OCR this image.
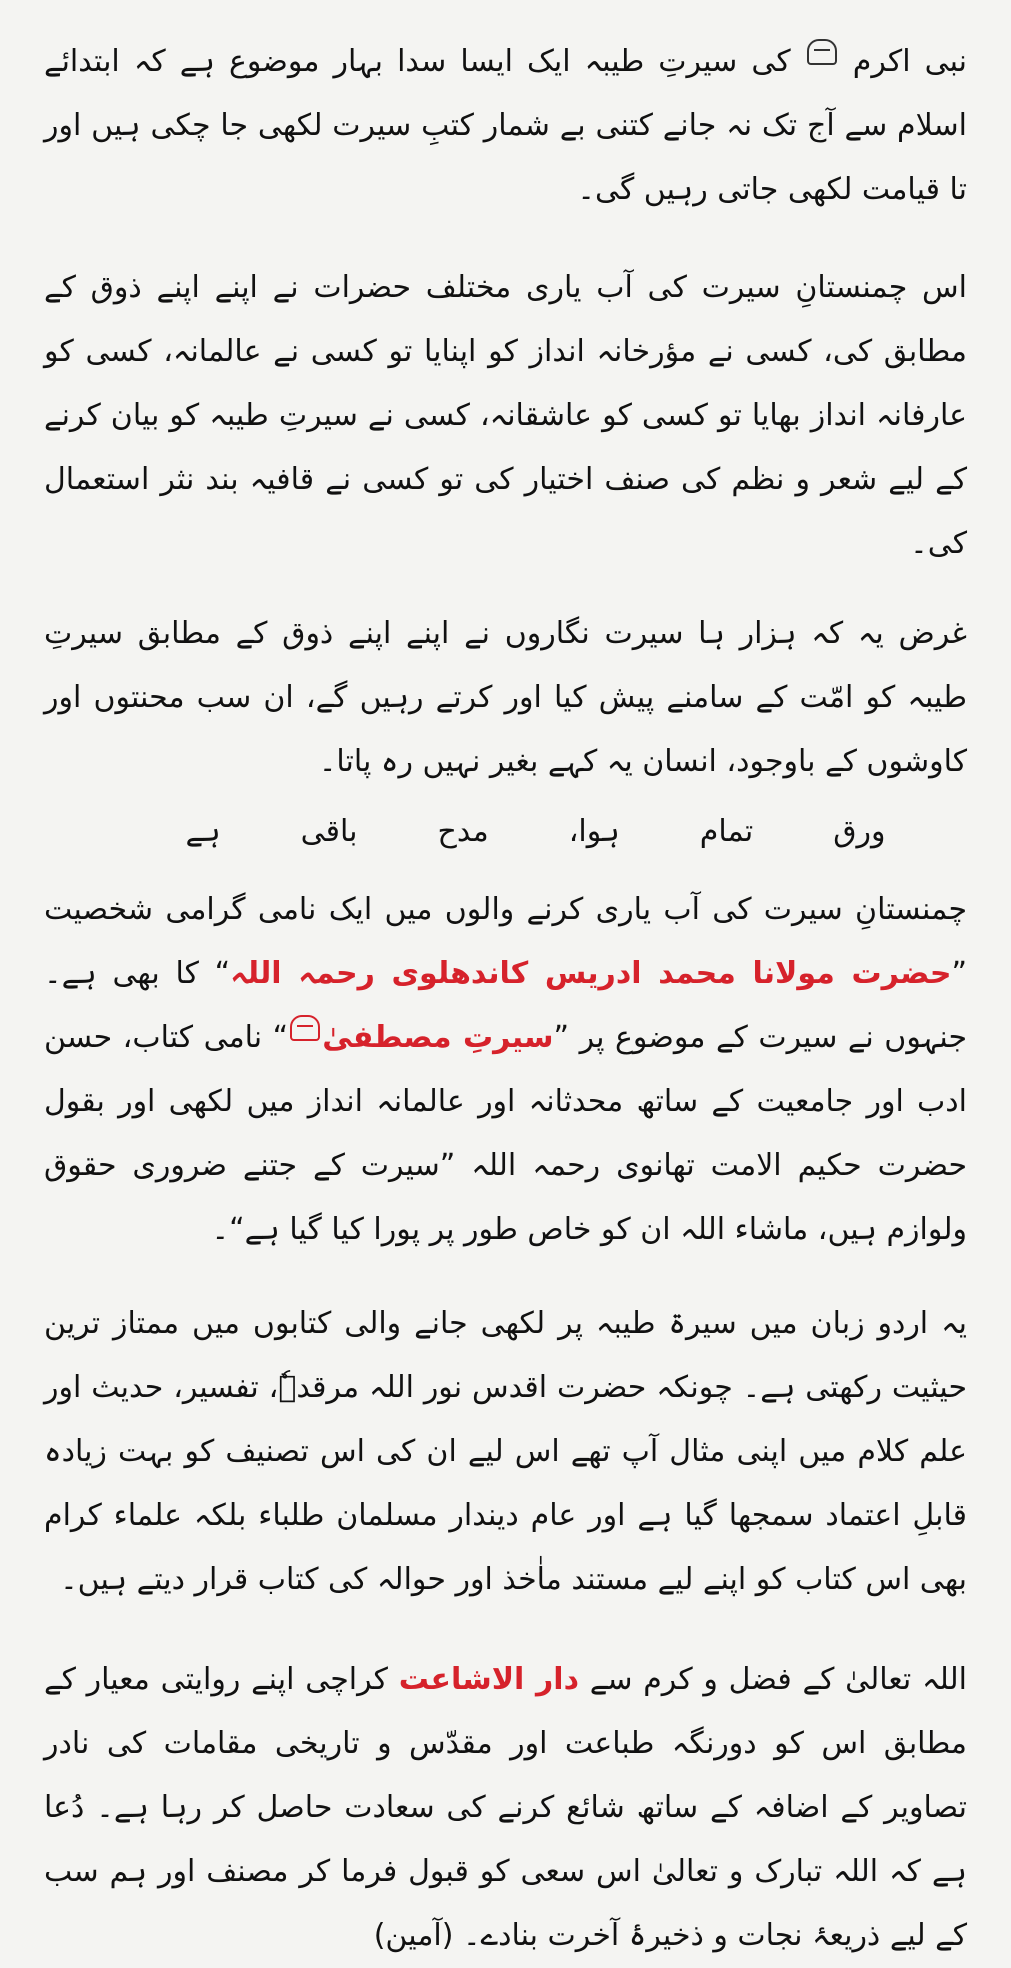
نبی اکرم  کی سیرتِ طیبہ ایک ایسا سدا بہار موضوع ہے کہ ابتدائے اسلام سے آج تک نہ جانے کتنی بے شمار کتبِ سیرت لکھی جا چکی ہیں اور تا قیامت لکھی جاتی رہیں گی۔

اس چمنستانِ سیرت کی آب یاری مختلف حضرات نے اپنے اپنے ذوق کے مطابق کی، کسی نے مؤرخانہ انداز کو اپنایا تو کسی نے عالمانہ، کسی کو عارفانہ انداز بھایا تو کسی کو عاشقانہ، کسی نے سیرتِ طیبہ کو بیان کرنے کے لیے شعر و نظم کی صنف اختیار کی تو کسی نے قافیہ بند نثر استعمال کی۔

غرض یہ کہ ہزار ہا سیرت نگاروں نے اپنے اپنے ذوق کے مطابق سیرتِ طیبہ کو امّت کے سامنے پیش کیا اور کرتے رہیں گے، ان سب محنتوں اور کاوشوں کے باوجود، انسان یہ کہے بغیر نہیں رہ پاتا۔

ورق
تمام
ہوا،
مدح
باقی
ہے

چمنستانِ سیرت کی آب یاری کرنے والوں میں ایک نامی گرامی شخصیت ”حضرت مولانا محمد ادریس کاندھلوی رحمہ اللہ“ کا بھی ہے۔ جنہوں نے سیرت کے موضوع پر ”سیرتِ مصطفیٰ“ نامی کتاب، حسن ادب اور جامعیت کے ساتھ محدثانہ اور عالمانہ انداز میں لکھی اور بقول حضرت حکیم الامت تھانوی رحمہ اللہ ”سیرت کے جتنے ضروری حقوق ولوازم ہیں، ماشاء اللہ ان کو خاص طور پر پورا کیا گیا ہے“۔

یہ اردو زبان میں سیرۃ طیبہ پر لکھی جانے والی کتابوں میں ممتاز ترین حیثیت رکھتی ہے۔ چونکہ حضرت اقدس نور اللہ مرقدہٗ، تفسیر، حدیث اور علم کلام میں اپنی مثال آپ تھے اس لیے ان کی اس تصنیف کو بہت زیادہ قابلِ اعتماد سمجھا گیا ہے اور عام دیندار مسلمان طلباء بلکہ علماء کرام بھی اس کتاب کو اپنے لیے مستند ماٰخذ اور حوالہ کی کتاب قرار دیتے ہیں۔

اللہ تعالیٰ کے فضل و کرم سے دار الاشاعت کراچی اپنے روایتی معیار کے مطابق اس کو دورنگہ طباعت اور مقدّس و تاریخی مقامات کی نادر تصاویر کے اضافہ کے ساتھ شائع کرنے کی سعادت حاصل کر رہا ہے۔ دُعا ہے کہ اللہ تبارک و تعالیٰ اس سعی کو قبول فرما کر مصنف اور ہم سب کے لیے ذریعۂ نجات و ذخیرۂ آخرت بنادے۔ (آمین)
